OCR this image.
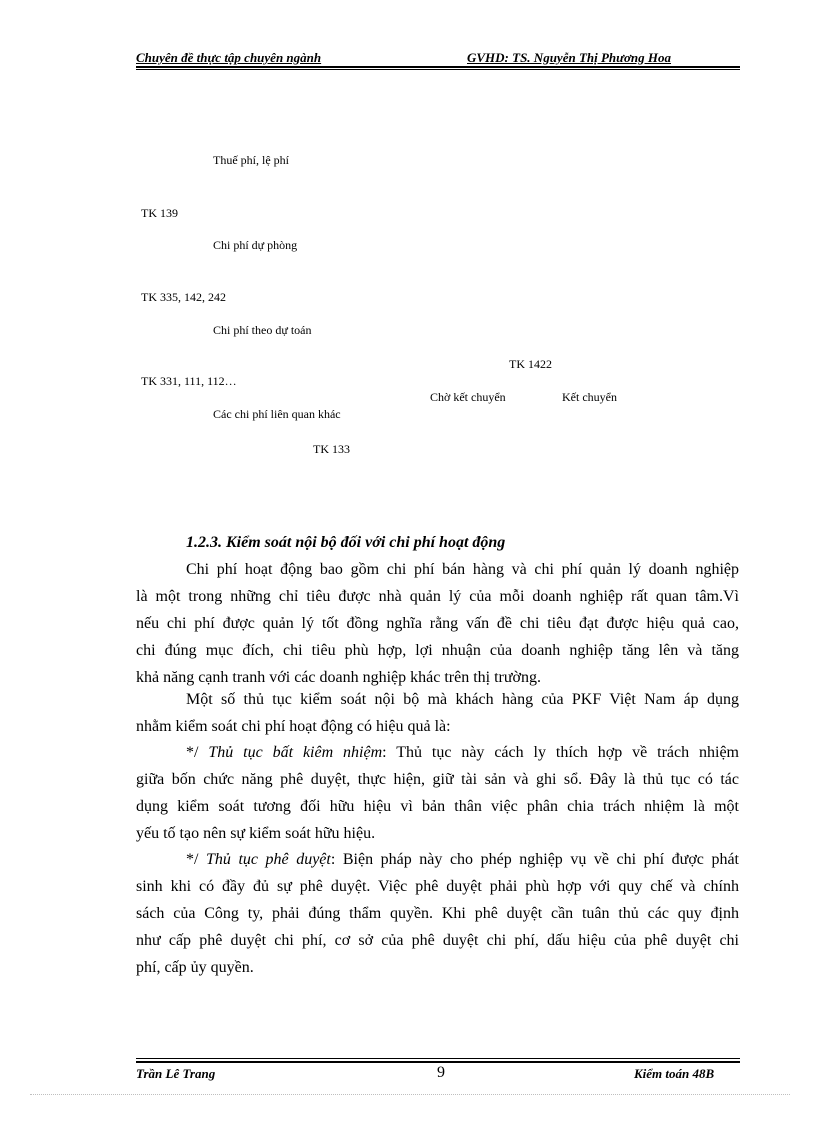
Chuyên đề thực tập chuyên ngành	GVHD: TS. Nguyễn Thị Phương Hoa
Thuế phí, lệ phí
TK 139
Chi phí dự phòng
TK 335, 142, 242
Chi phí theo dự toán
TK 1422
TK 331, 111, 112…
Chờ kết chuyển	Kết chuyển
Các chi phí liên quan khác
TK 133
1.2.3. Kiểm soát nội bộ đối với chi phí hoạt động
Chi phí hoạt động bao gồm chi phí bán hàng và chi phí quản lý doanh nghiệp
là một trong những chỉ tiêu được nhà quản lý của mỗi doanh nghiệp rất quan tâm.Vì
nếu chi phí được quản lý tốt đồng nghĩa rằng vấn đề chi tiêu đạt được hiệu quả cao,
chi đúng mục đích, chi tiêu phù hợp, lợi nhuận của doanh nghiệp tăng lên và tăng
khả năng cạnh tranh với các doanh nghiệp khác trên thị trường.
Một số thủ tục kiểm soát nội bộ mà khách hàng của PKF Việt Nam áp dụng
nhằm kiểm soát chi phí hoạt động có hiệu quả là:
*/ Thủ tục bất kiêm nhiệm: Thủ tục này cách ly thích hợp về trách nhiệm
giữa bốn chức năng phê duyệt, thực hiện, giữ tài sản và ghi sổ. Đây là thủ tục có tác
dụng kiểm soát tương đối hữu hiệu vì bản thân việc phân chia trách nhiệm là một
yếu tố tạo nên sự kiểm soát hữu hiệu.
*/ Thủ tục phê duyệt: Biện pháp này cho phép nghiệp vụ về chi phí được phát
sinh khi có đầy đủ sự phê duyệt. Việc phê duyệt phải phù hợp với quy chế và chính
sách của Công ty, phải đúng thẩm quyền. Khi phê duyệt cần tuân thủ các quy định
như cấp phê duyệt chi phí, cơ sở của phê duyệt chi phí, dấu hiệu của phê duyệt chi
phí, cấp ủy quyền.
Trần Lê Trang	9	Kiểm toán 48B
